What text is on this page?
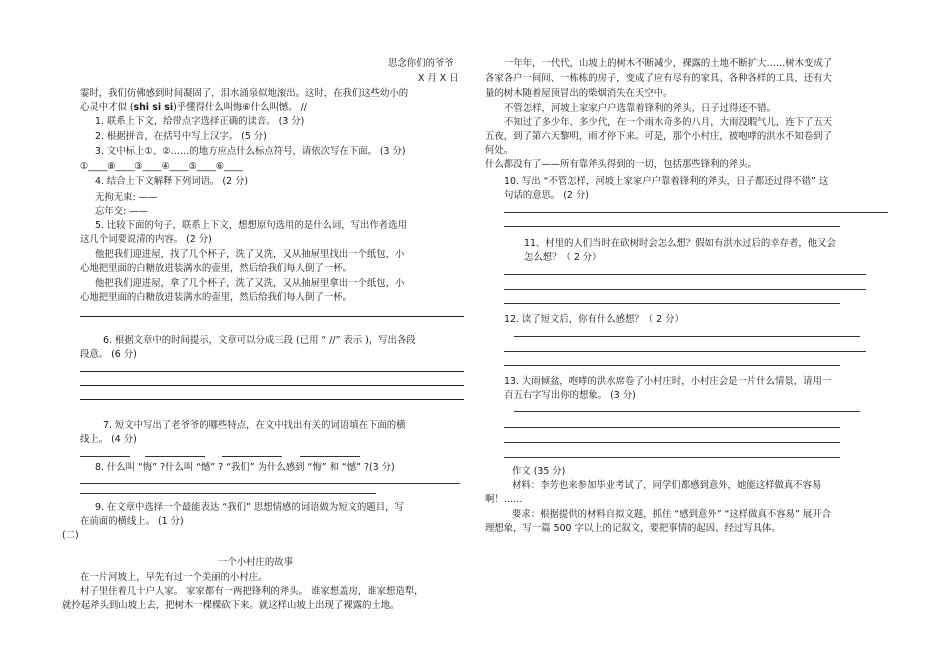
思念你们的爷爷
X 月 X 日
霎时，我们仿佛感到时间凝固了，泪水涌泉似地滚出。这时，在我们这些幼小的
心灵中才似 (shi si si)乎懂得什么叫悔⑥什么叫憾。 //
1. 联系上下文，给带点字选择正确的读音。 (3 分)
2. 根据拼音，在括号中写上汉字。 (5 分)
3. 文中标上①、②……的地方应点什么标点符号，请依次写在下面。 (3 分)
①____⑧____③____④____⑤____⑥____
4. 结合上下文解释下列词语。 (2 分)
无拘无束: ——
忘年交: ——
5. 比较下面的句子，联系上下文，想想原句选用的是什么词，写出作者选用
这几个词要说清的内容。 (2 分)
他把我们迎进屋，找了几个杯子，洗了又洗，又从抽屉里找出一个纸包，小
心地把里面的白糖放进装满水的壶里，然后给我们每人倒了一杯。
他把我们迎进屋，拿了几个杯子，洗了又洗，又从抽屉里拿出一个纸包，小
心地把里面的白糖放进装满水的壶里，然后给我们每人倒了一杯。
6. 根据文章中的时间提示，文章可以分成三段 (已用 “ //” 表示 )，写出各段
段意。 (6 分)
7. 短文中写出了老爷爷的哪些特点，在文中找出有关的词语填在下面的横
线上。 (4 分)
8. 什么叫 “悔” ?什么叫 “憾” ? “我们” 为什么感到 “悔” 和 “憾” ?(3 分)
9. 在文章中选择一个最能表达 “我们” 思想情感的词语做为短文的题目，写
在前面的横线上。 (1 分)
(二)
一个小村庄的故事
在一片河坡上，早先有过一个美丽的小村庄。
村子里住着几十户人家。 家家都有一两把锋利的斧头。 谁家想盖房，谁家想造犁，
就拎起斧头到山坡上去，把树木一棵棵砍下来。就这样山坡上出现了裸露的土地。
一年年，一代代，山坡上的树木不断减少，裸露的土地不断扩大……树木变成了
各家各户一间间、一栋栋的房子，变成了应有尽有的家具、各种各样的工具，还有大
量的树木随着屋顶冒出的柴烟消失在天空中。
不管怎样，河坡上家家户户选靠着锋利的斧头，日子过得还不错。
不知过了多少年、多少代，在一个雨水奇多的八月，大雨没暇气儿，连下了五天
五夜，到了第六天黎明，雨才停下来。可是，那个小村庄，被咆哮的洪水不知卷到了
何处。
什么都没有了——所有靠斧头得到的一切，包括那些锋利的斧头。
10. 写出 “不管怎样，河坡上家家户户靠着锋利的斧头，日子都还过得不错” 这
句话的意思。 (2 分)
11、村里的人们当时在砍树时会怎么想？假如有洪水过后的幸存者，他又会
怎么想？（ 2 分）
12. 读了短文后，你有什么感想？（ 2 分）
13. 大雨倾盆，咆哮的洪水席卷了小村庄时，小村庄会是一片什么情景，请用一
百五右字写出你的想象。 (3 分)
作文 (35 分)
材料：李芳也来参加毕业考试了，同学们都感到意外，她能这样做真不容易
啊！……
要求：根据提供的材料自拟文题，抓住 “感到意外” “这样做真不容易” 展开合
理想象，写一篇 500 字以上的记叙文，要把事情的起因、经过写具体。
